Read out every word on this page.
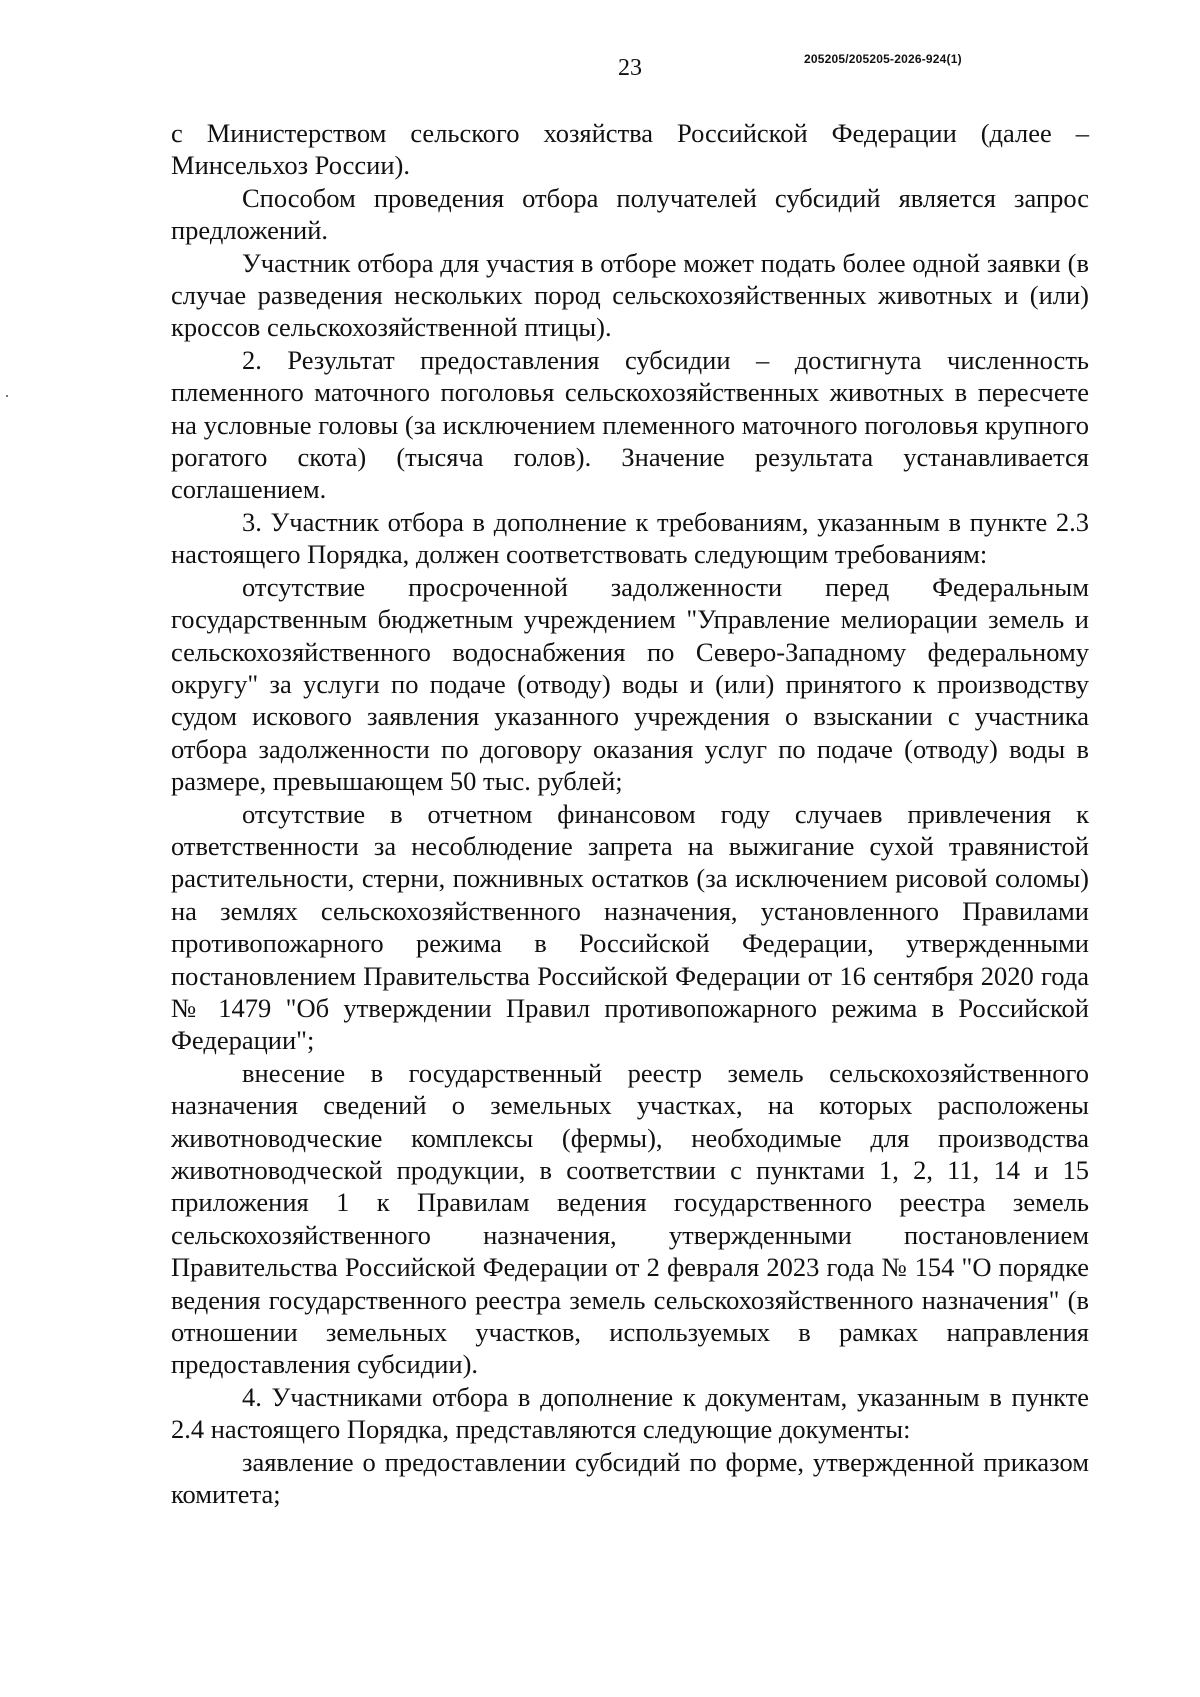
23	205205/205205-2026-924(1)

с Министерством сельского хозяйства Российской Федерации (далее – Минсельхоз России).

Способом проведения отбора получателей субсидий является запрос предложений.

Участник отбора для участия в отборе может подать более одной заявки (в случае разведения нескольких пород сельскохозяйственных животных и (или) кроссов сельскохозяйственной птицы).

2. Результат предоставления субсидии – достигнута численность племенного маточного поголовья сельскохозяйственных животных в пересчете на условные головы (за исключением племенного маточного поголовья крупного рогатого скота) (тысяча голов). Значение результата устанавливается соглашением.

3. Участник отбора в дополнение к требованиям, указанным в пункте 2.3 настоящего Порядка, должен соответствовать следующим требованиям:

отсутствие просроченной задолженности перед Федеральным государственным бюджетным учреждением "Управление мелиорации земель и сельскохозяйственного водоснабжения по Северо-Западному федеральному округу" за услуги по подаче (отводу) воды и (или) принятого к производству судом искового заявления указанного учреждения о взыскании с участника отбора задолженности по договору оказания услуг по подаче (отводу) воды в размере, превышающем 50 тыс. рублей;

отсутствие в отчетном финансовом году случаев привлечения к ответственности за несоблюдение запрета на выжигание сухой травянистой растительности, стерни, пожнивных остатков (за исключением рисовой соломы) на землях сельскохозяйственного назначения, установленного Правилами противопожарного режима в Российской Федерации, утвержденными постановлением Правительства Российской Федерации от 16 сентября 2020 года № 1479 "Об утверждении Правил противопожарного режима в Российской Федерации";

внесение в государственный реестр земель сельскохозяйственного назначения сведений о земельных участках, на которых расположены животноводческие комплексы (фермы), необходимые для производства животноводческой продукции, в соответствии с пунктами 1, 2, 11, 14 и 15 приложения 1 к Правилам ведения государственного реестра земель сельскохозяйственного назначения, утвержденными постановлением Правительства Российской Федерации от 2 февраля 2023 года № 154 "О порядке ведения государственного реестра земель сельскохозяйственного назначения" (в отношении земельных участков, используемых в рамках направления предоставления субсидии).

4. Участниками отбора в дополнение к документам, указанным в пункте 2.4 настоящего Порядка, представляются следующие документы:

заявление о предоставлении субсидий по форме, утвержденной приказом комитета;
